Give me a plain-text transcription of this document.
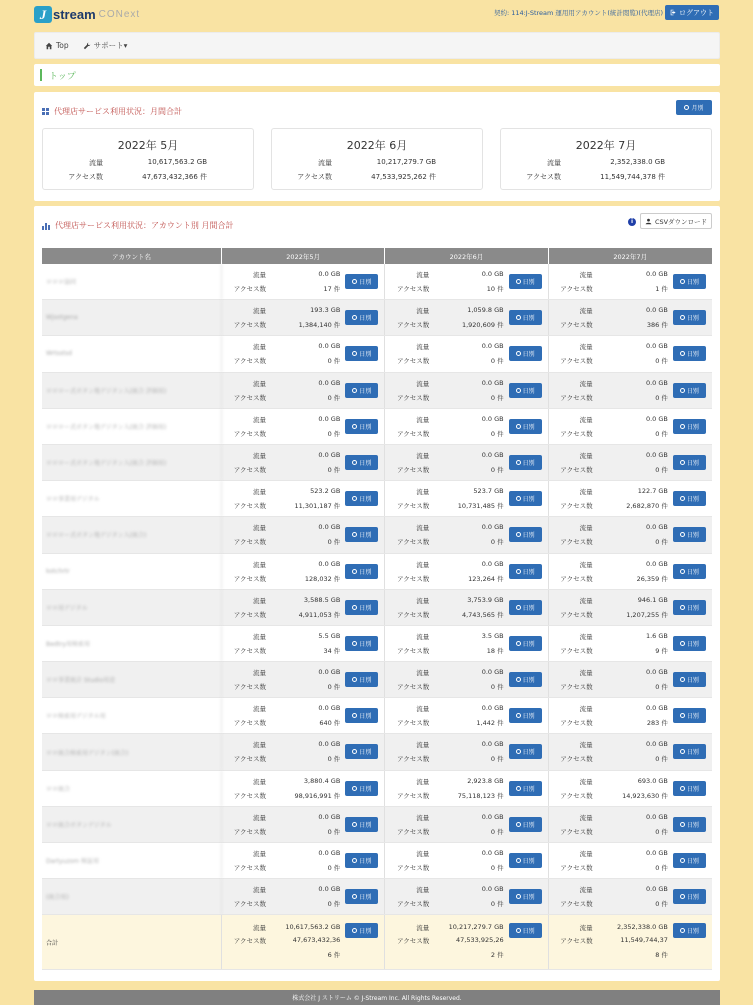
J stream CONext	契約: 114:J-Stream 運用用アカウント(統計閲覧)(代理店) ログアウト
Top	サポート▾
トップ
代理店サービス利用状況：月間合計	月別
2022年 5月
流量	10,617,563.2 GB
アクセス数	47,673,432,366 件
2022年 6月
流量	10,217,279.7 GB
アクセス数	47,533,925,262 件
2022年 7月
流量	2,352,338.0 GB
アクセス数	11,549,744,378 件
代理店サービス利用状況：アカウント別 月間合計	i	CSVダウンロード
アカウント名	2022年5月	2022年6月	2022年7月
ロロロ協同
流量	0.0 GB
アクセス数	17 件
日別
流量	0.0 GB
アクセス数	10 件
日別
流量	0.0 GB
アクセス数	1 件
日別
Wjsotgena
流量	193.3 GB
アクセス数	1,384,140 件
日別
流量	1,059.8 GB
アクセス数	1,920,609 件
日別
流量	0.0 GB
アクセス数	386 件
日別
Wrtsstsd
流量	0.0 GB
アクセス数	0 件
日別
流量	0.0 GB
アクセス数	0 件
日別
流量	0.0 GB
アクセス数	0 件
日別
ロロロー式ボタン地デジタン入(統合 評価用)
流量	0.0 GB
アクセス数	0 件
日別
流量	0.0 GB
アクセス数	0 件
日別
流量	0.0 GB
アクセス数	0 件
日別
ロロロー式ボタン地デジタン入(統合 評価用)
流量	0.0 GB
アクセス数	0 件
日別
流量	0.0 GB
アクセス数	0 件
日別
流量	0.0 GB
アクセス数	0 件
日別
ロロロー式ボタン地デジタン入(統合 評価用)
流量	0.0 GB
アクセス数	0 件
日別
流量	0.0 GB
アクセス数	0 件
日別
流量	0.0 GB
アクセス数	0 件
日別
ロロ事業用デジタル
流量	523.2 GB
アクセス数	11,301,187 件
日別
流量	523.7 GB
アクセス数	10,731,485 件
日別
流量	122.7 GB
アクセス数	2,682,870 件
日別
ロロロー式ボタン地デジタン入(統合)
流量	0.0 GB
アクセス数	0 件
日別
流量	0.0 GB
アクセス数	0 件
日別
流量	0.0 GB
アクセス数	0 件
日別
kotchrtr
流量	0.0 GB
アクセス数	128,032 件
日別
流量	0.0 GB
アクセス数	123,264 件
日別
流量	0.0 GB
アクセス数	26,359 件
日別
ロロ用デジタル
流量	3,588.5 GB
アクセス数	4,911,053 件
日別
流量	3,753.9 GB
アクセス数	4,743,565 件
日別
流量	946.1 GB
アクセス数	1,207,255 件
日別
Bedtry用検索用
流量	5.5 GB
アクセス数	34 件
日別
流量	3.5 GB
アクセス数	18 件
日別
流量	1.6 GB
アクセス数	9 件
日別
ロロ事業統計 Studio用途
流量	0.0 GB
アクセス数	0 件
日別
流量	0.0 GB
アクセス数	0 件
日別
流量	0.0 GB
アクセス数	0 件
日別
ロロ検索用デジタル用
流量	0.0 GB
アクセス数	640 件
日別
流量	0.0 GB
アクセス数	1,442 件
日別
流量	0.0 GB
アクセス数	283 件
日別
ロロ統合検索用デジタン(統合)
流量	0.0 GB
アクセス数	0 件
日別
流量	0.0 GB
アクセス数	0 件
日別
流量	0.0 GB
アクセス数	0 件
日別
ロロ統合
流量	3,880.4 GB
アクセス数	98,916,991 件
日別
流量	2,923.8 GB
アクセス数	75,118,123 件
日別
流量	693.0 GB
アクセス数	14,923,630 件
日別
ロロ統合ボタンデジタル
流量	0.0 GB
アクセス数	0 件
日別
流量	0.0 GB
アクセス数	0 件
日別
流量	0.0 GB
アクセス数	0 件
日別
Dartyuzom 検証用
流量	0.0 GB
アクセス数	0 件
日別
流量	0.0 GB
アクセス数	0 件
日別
流量	0.0 GB
アクセス数	0 件
日別
(統合用)
流量	0.0 GB
アクセス数	0 件
日別
流量	0.0 GB
アクセス数	0 件
日別
流量	0.0 GB
アクセス数	0 件
日別
合計
流量	10,617,563.2 GB
アクセス数	47,673,432,36
6 件
日別	流量	10,217,279.7 GB
アクセス数	47,533,925,26
2 件
日別	流量	2,352,338.0 GB
アクセス数	11,549,744,37
8 件
日別
株式会社 J ストリーム © J-Stream Inc. All Rights Reserved.
